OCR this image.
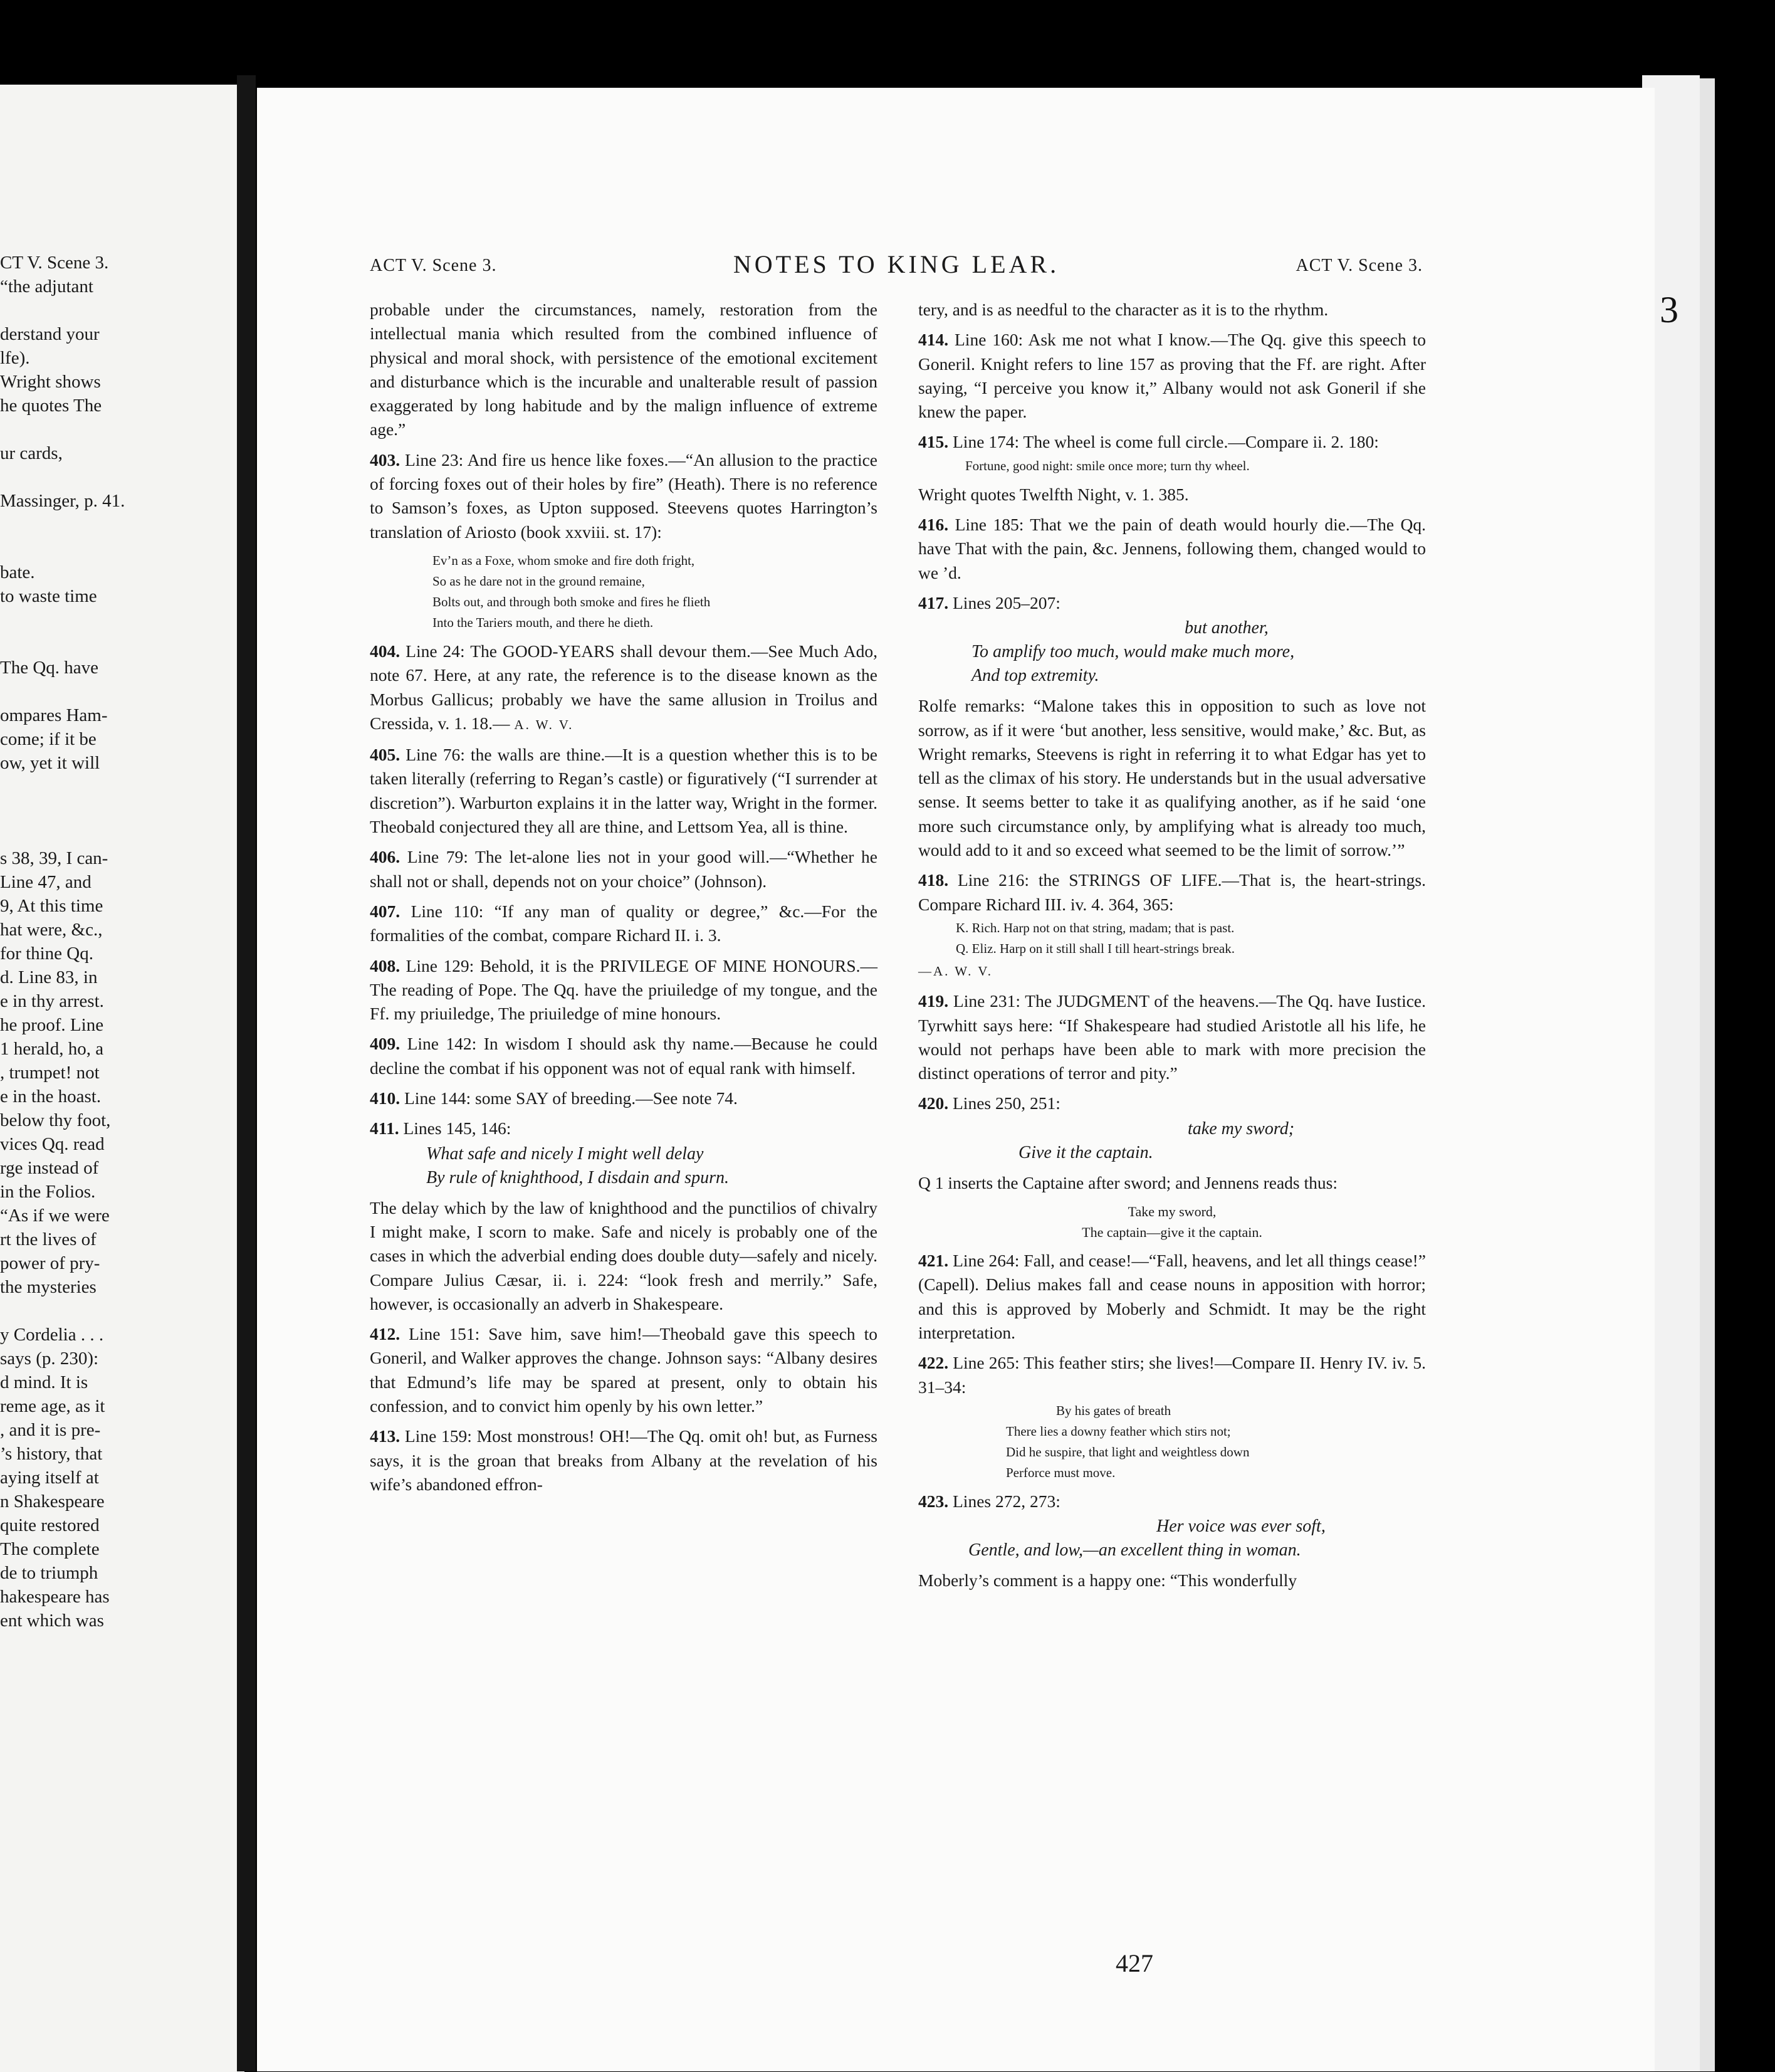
CT V. Scene 3.
“the adjutant
derstand your
lfe).
Wright shows
he quotes The
ur cards,
Massinger, p. 41.
bate.
to waste time
The Qq. have
ompares Ham-
come; if it be
ow, yet it will
s 38, 39, I can-
Line 47, and
9, At this time
hat were, &c.,
for thine Qq.
d. Line 83, in
e in thy arrest.
he proof. Line
1 herald, ho, a
, trumpet! not
e in the hoast.
below thy foot,
vices Qq. read
rge instead of
in the Folios.
“As if we were
rt the lives of
power of pry-
the mysteries
y Cordelia . . .
says (p. 230):
d mind. It is
reme age, as it
, and it is pre-
’s history, that
aying itself at
n Shakespeare
quite restored
The complete
de to triumph
hakespeare has
ent which was
3
ACT V. Scene 3.	NOTES TO KING LEAR.	ACT V. Scene 3.

probable under the circumstances, namely, restoration from the intellectual mania which resulted from the combined influence of physical and moral shock, with persistence of the emotional excitement and disturbance which is the incurable and unalterable result of passion exaggerated by long habitude and by the malign influence of extreme age.”

403. Line 23: And fire us hence like foxes.—“An allusion to the practice of forcing foxes out of their holes by fire” (Heath). There is no reference to Samson’s foxes, as Upton supposed. Steevens quotes Harrington’s translation of Ariosto (book xxviii. st. 17):

Ev’n as a Foxe, whom smoke and fire doth fright,
So as he dare not in the ground remaine,
Bolts out, and through both smoke and fires he flieth
Into the Tariers mouth, and there he dieth.

404. Line 24: The GOOD-YEARS shall devour them.—See Much Ado, note 67. Here, at any rate, the reference is to the disease known as the Morbus Gallicus; probably we have the same allusion in Troilus and Cressida, v. 1. 18.— A. W. V.

405. Line 76: the walls are thine.—It is a question whether this is to be taken literally (referring to Regan’s castle) or figuratively (“I surrender at discretion”). Warburton explains it in the latter way, Wright in the former. Theobald conjectured they all are thine, and Lettsom Yea, all is thine.

406. Line 79: The let-alone lies not in your good will.—“Whether he shall not or shall, depends not on your choice” (Johnson).

407. Line 110: “If any man of quality or degree,” &c.—For the formalities of the combat, compare Richard II. i. 3.

408. Line 129: Behold, it is the PRIVILEGE OF MINE HONOURS.—The reading of Pope. The Qq. have the priuiledge of my tongue, and the Ff. my priuiledge, The priuiledge of mine honours.

409. Line 142: In wisdom I should ask thy name.—Because he could decline the combat if his opponent was not of equal rank with himself.

410. Line 144: some SAY of breeding.—See note 74.

411. Lines 145, 146:

What safe and nicely I might well delay
By rule of knighthood, I disdain and spurn.

The delay which by the law of knighthood and the punctilios of chivalry I might make, I scorn to make. Safe and nicely is probably one of the cases in which the adverbial ending does double duty—safely and nicely. Compare Julius Cæsar, ii. i. 224: “look fresh and merrily.” Safe, however, is occasionally an adverb in Shakespeare.

412. Line 151: Save him, save him!—Theobald gave this speech to Goneril, and Walker approves the change. Johnson says: “Albany desires that Edmund’s life may be spared at present, only to obtain his confession, and to convict him openly by his own letter.”

413. Line 159: Most monstrous! OH!—The Qq. omit oh! but, as Furness says, it is the groan that breaks from Albany at the revelation of his wife’s abandoned effron-

tery, and is as needful to the character as it is to the rhythm.

414. Line 160: Ask me not what I know.—The Qq. give this speech to Goneril. Knight refers to line 157 as proving that the Ff. are right. After saying, “I perceive you know it,” Albany would not ask Goneril if she knew the paper.

415. Line 174: The wheel is come full circle.—Compare ii. 2. 180:

Fortune, good night: smile once more; turn thy wheel.

Wright quotes Twelfth Night, v. 1. 385.

416. Line 185: That we the pain of death would hourly die.—The Qq. have That with the pain, &c. Jennens, following them, changed would to we ’d.

417. Lines 205–207:

but another,
To amplify too much, would make much more,
And top extremity.

Rolfe remarks: “Malone takes this in opposition to such as love not sorrow, as if it were ‘but another, less sensitive, would make,’ &c. But, as Wright remarks, Steevens is right in referring it to what Edgar has yet to tell as the climax of his story. He understands but in the usual adversative sense. It seems better to take it as qualifying another, as if he said ‘one more such circumstance only, by amplifying what is already too much, would add to it and so exceed what seemed to be the limit of sorrow.’”

418. Line 216: the STRINGS OF LIFE.—That is, the heart-strings. Compare Richard III. iv. 4. 364, 365:

K. Rich. Harp not on that string, madam; that is past.
Q. Eliz. Harp on it still shall I till heart-strings break.

—A. W. V.

419. Line 231: The JUDGMENT of the heavens.—The Qq. have Iustice. Tyrwhitt says here: “If Shakespeare had studied Aristotle all his life, he would not perhaps have been able to mark with more precision the distinct operations of terror and pity.”

420. Lines 250, 251:

take my sword;
Give it the captain.

Q 1 inserts the Captaine after sword; and Jennens reads thus:

Take my sword,
The captain—give it the captain.

421. Line 264: Fall, and cease!—“Fall, heavens, and let all things cease!” (Capell). Delius makes fall and cease nouns in apposition with horror; and this is approved by Moberly and Schmidt. It may be the right interpretation.

422. Line 265: This feather stirs; she lives!—Compare II. Henry IV. iv. 5. 31–34:

By his gates of breath
There lies a downy feather which stirs not;
Did he suspire, that light and weightless down
Perforce must move.

423. Lines 272, 273:

Her voice was ever soft,
Gentle, and low,—an excellent thing in woman.

Moberly’s comment is a happy one: “This wonderfully

427
